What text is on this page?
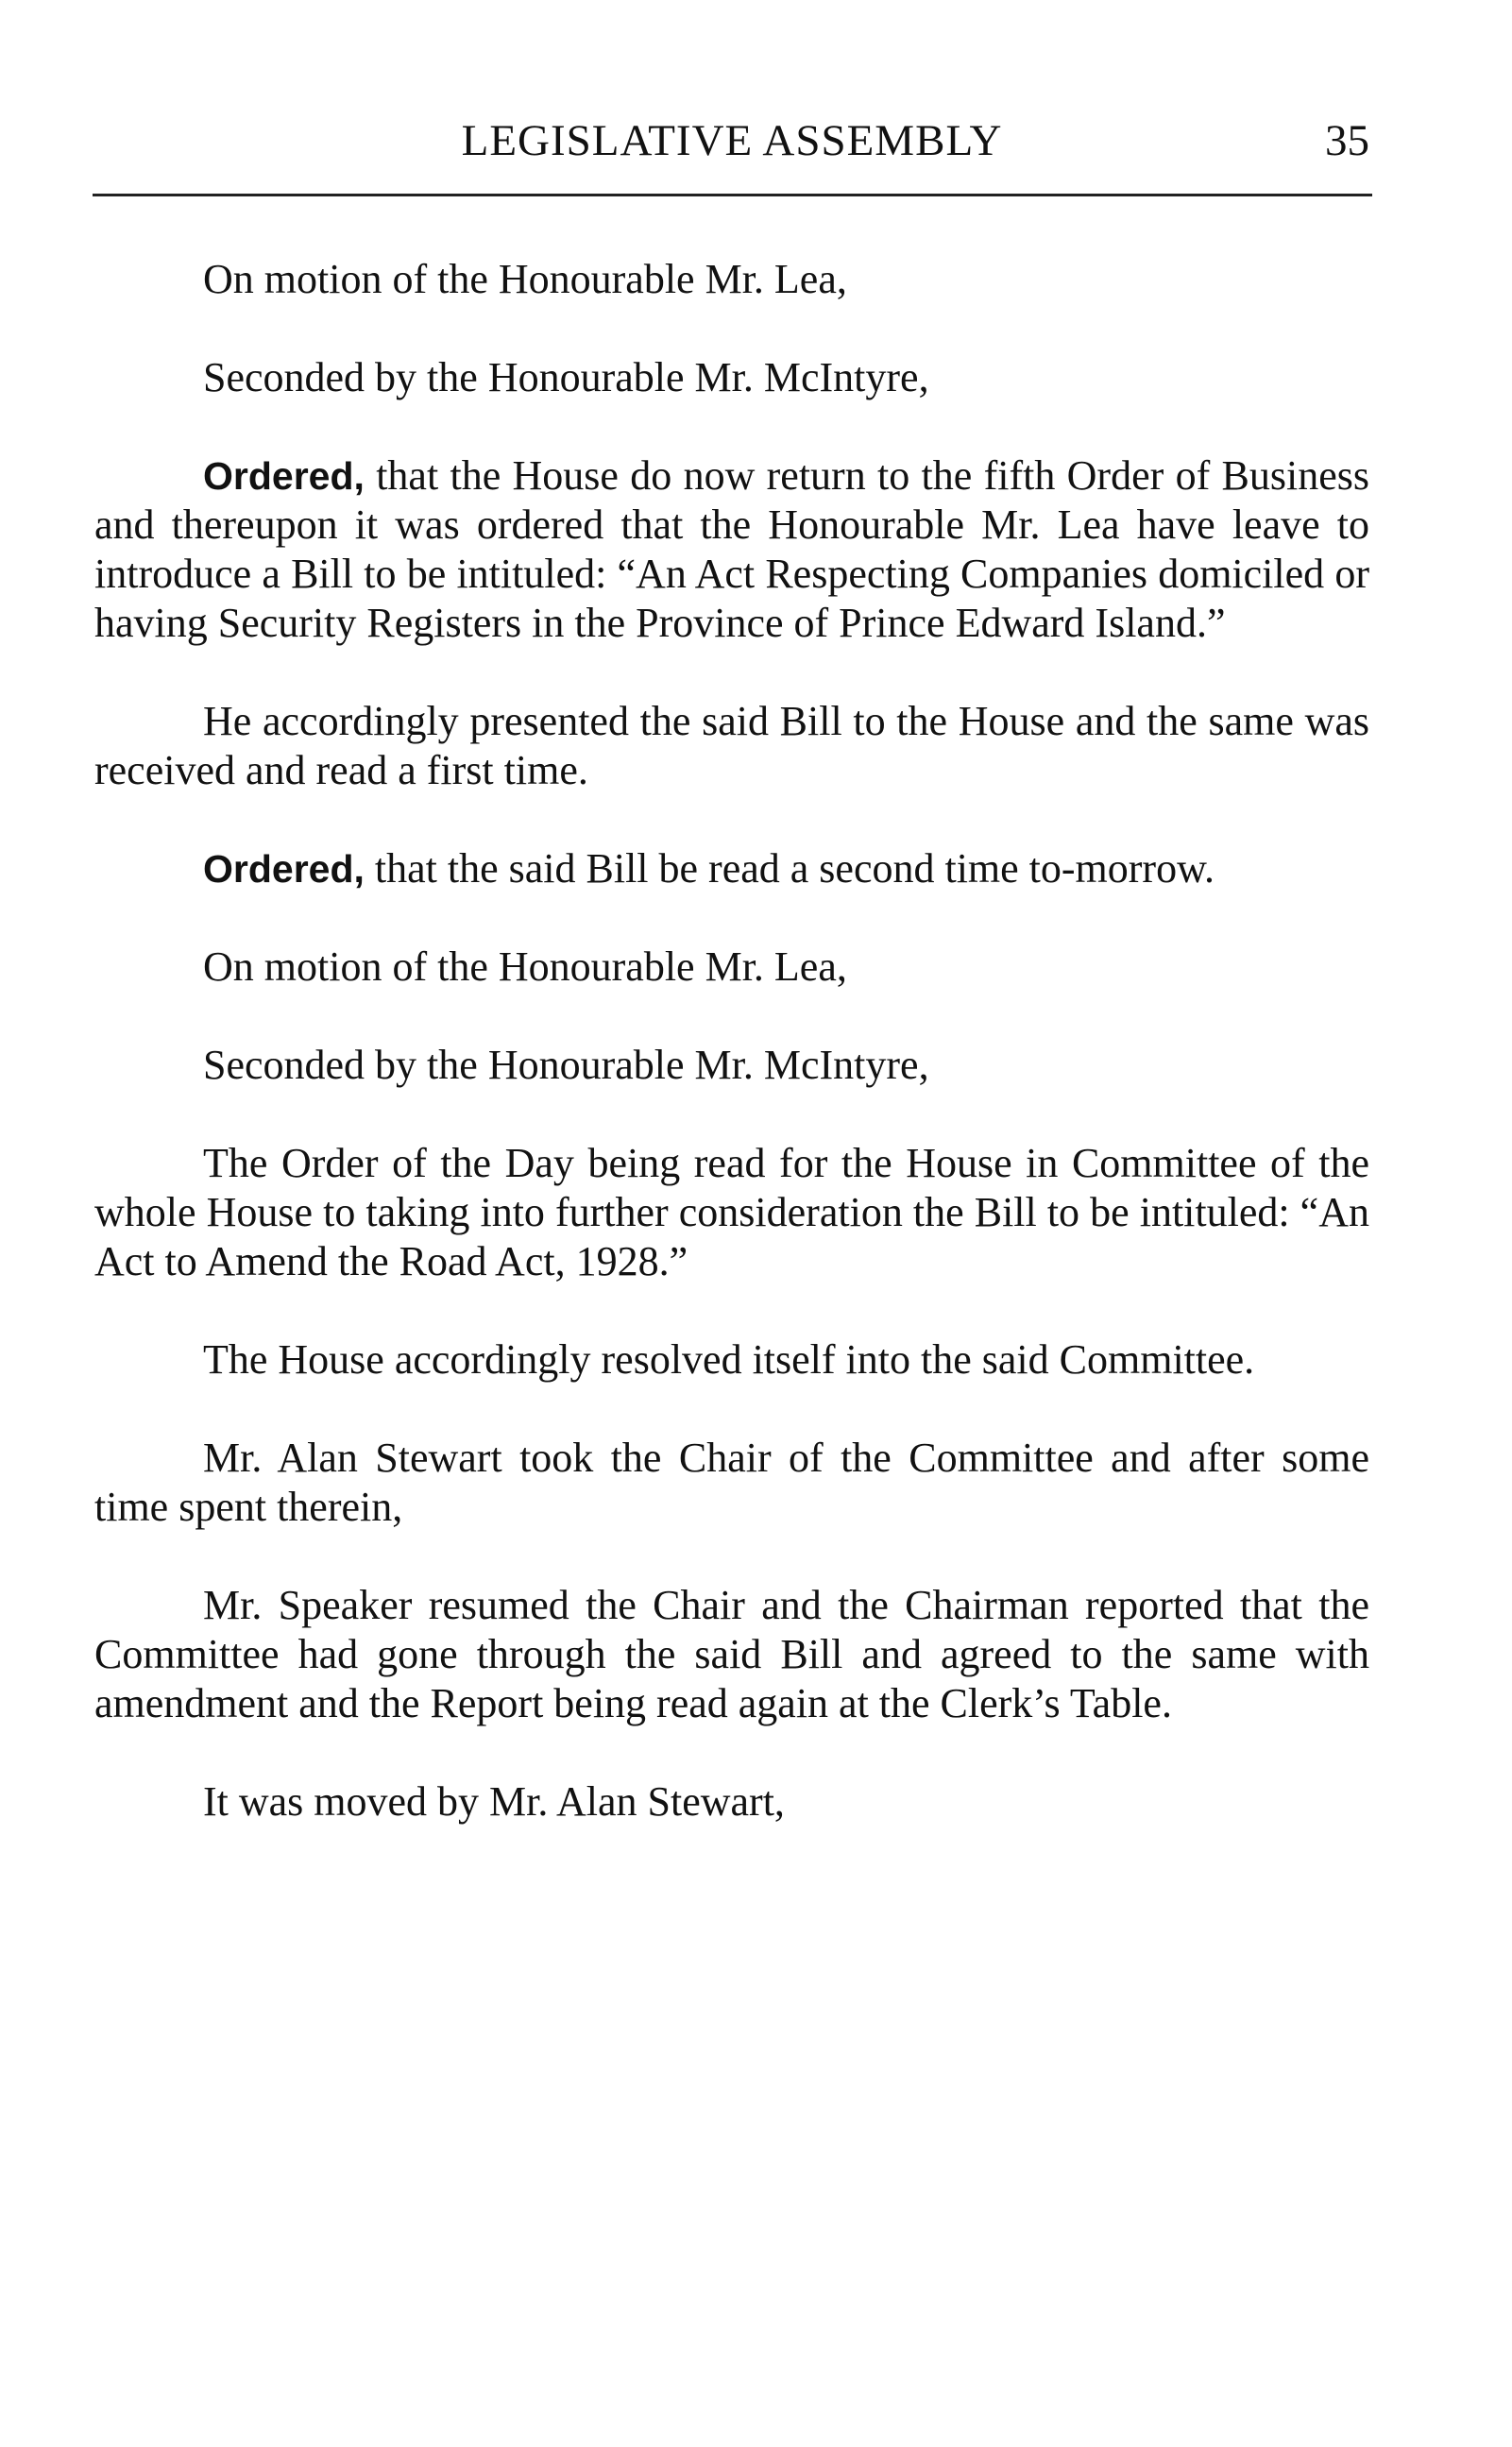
LEGISLATIVE ASSEMBLY	35

On motion of the Honourable Mr. Lea,

Seconded by the Honourable Mr. McIntyre,

Ordered, that the House do now return to the fifth Order of Business and thereupon it was ordered that the Honourable Mr. Lea have leave to introduce a Bill to be intituled: “An Act Respecting Companies domiciled or having Security Registers in the Province of Prince Edward Island.”

He accordingly presented the said Bill to the House and the same was received and read a first time.

Ordered, that the said Bill be read a second time to-morrow.

On motion of the Honourable Mr. Lea,

Seconded by the Honourable Mr. McIntyre,

The Order of the Day being read for the House in Committee of the whole House to taking into further consideration the Bill to be intituled: “An Act to Amend the Road Act, 1928.”

The House accordingly resolved itself into the said Committee.

Mr. Alan Stewart took the Chair of the Committee and after some time spent therein,

Mr. Speaker resumed the Chair and the Chairman reported that the Committee had gone through the said Bill and agreed to the same with amendment and the Report being read again at the Clerk’s Table.

It was moved by Mr. Alan Stewart,
